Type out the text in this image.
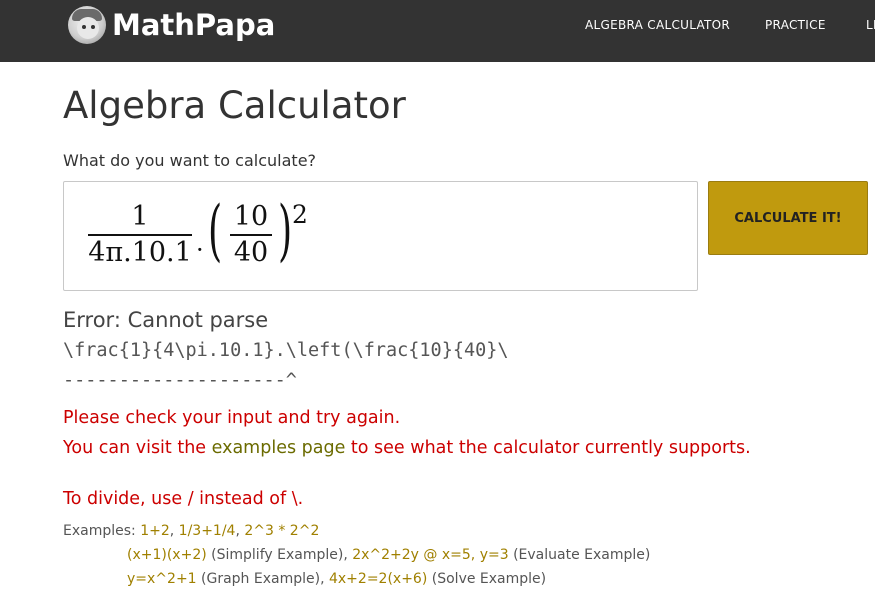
MathPapa	ALGEBRA CALCULATOR	PRACTICE	LE
Algebra Calculator
What do you want to calculate?
1
4π.10.1 · ( 10
40 ) 2	CALCULATE IT!
Error: Cannot parse
\frac{1}{4\pi.10.1}.\left(\frac{10}{40}\
--------------------^
Please check your input and try again.
You can visit the examples page to see what the calculator currently supports.
To divide, use / instead of \.
Examples: 1+2, 1/3+1/4, 2^3 * 2^2
(x+1)(x+2) (Simplify Example), 2x^2+2y @ x=5, y=3 (Evaluate Example)
y=x^2+1 (Graph Example), 4x+2=2(x+6) (Solve Example)
